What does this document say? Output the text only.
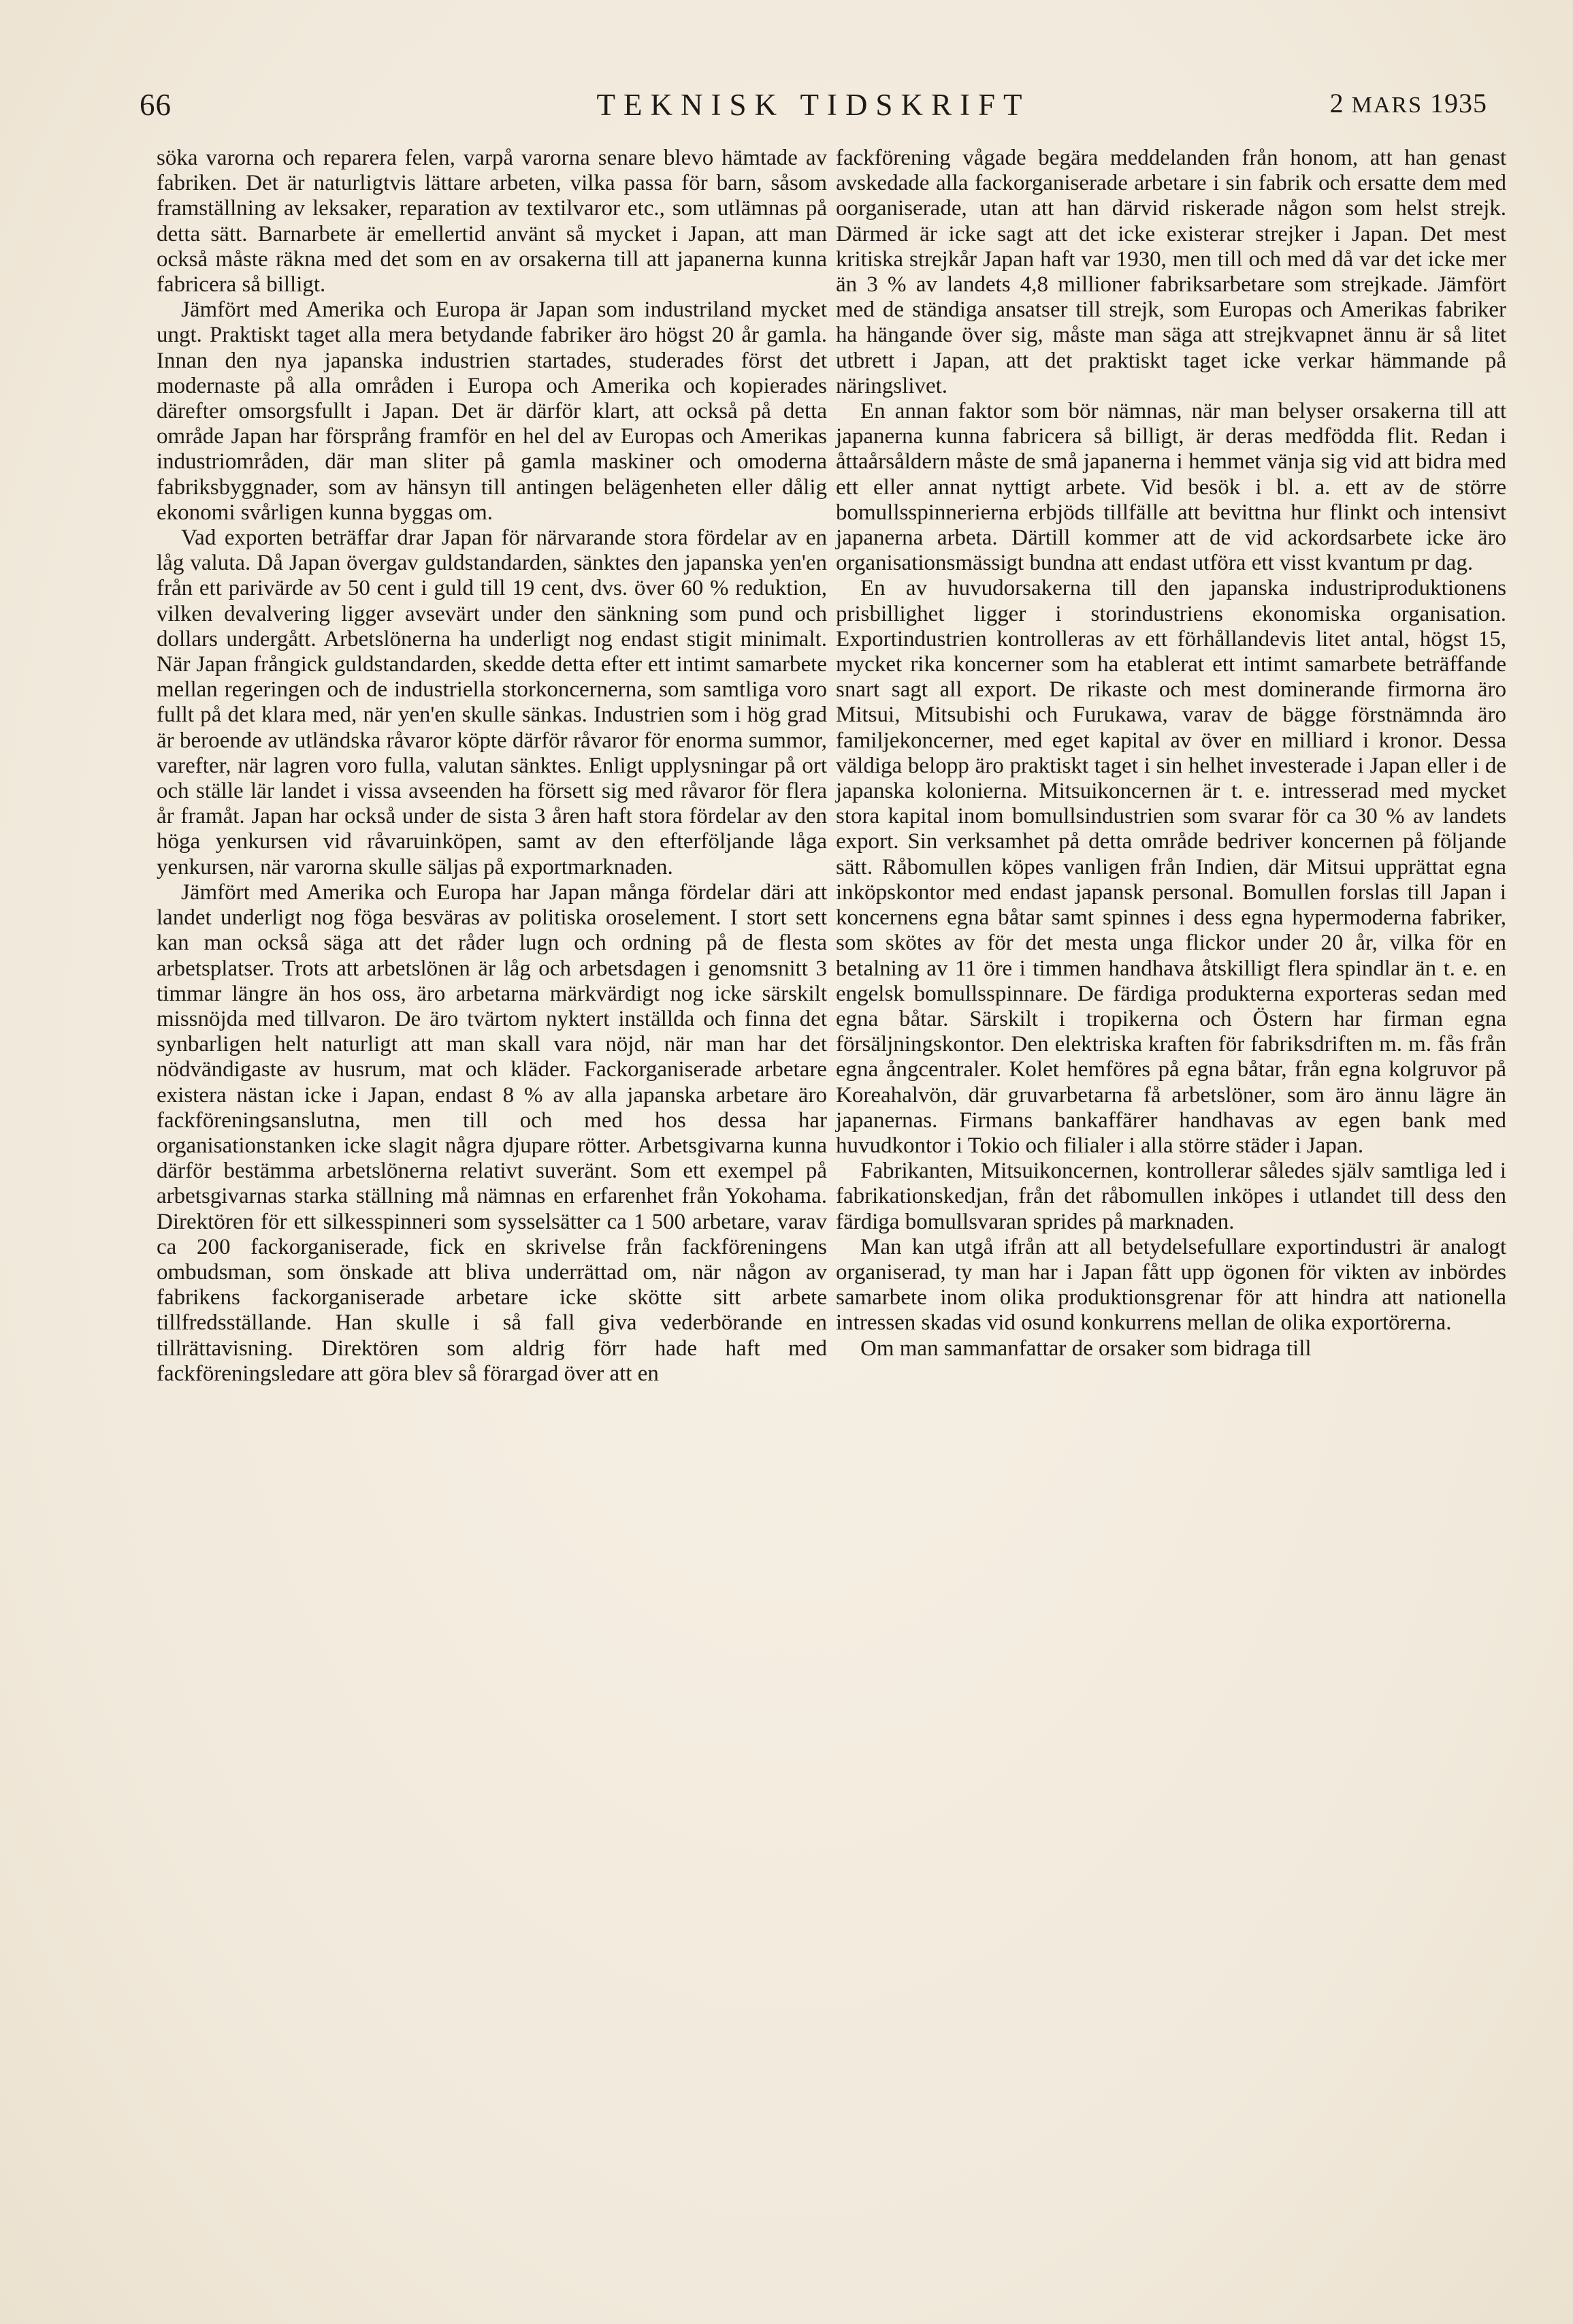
66	TEKNISK TIDSKRIFT	2 MARS 1935

söka varorna och reparera felen, varpå varorna senare blevo hämtade av fabriken. Det är naturligtvis lättare arbeten, vilka passa för barn, såsom framställning av leksaker, reparation av textilvaror etc., som utlämnas på detta sätt. Barnarbete är emellertid använt så mycket i Japan, att man också måste räkna med det som en av orsakerna till att japanerna kunna fabricera så billigt.

Jämfört med Amerika och Europa är Japan som industriland mycket ungt. Praktiskt taget alla mera betydande fabriker äro högst 20 år gamla. Innan den nya japanska industrien startades, studerades först det modernaste på alla områden i Europa och Amerika och kopierades därefter omsorgsfullt i Japan. Det är därför klart, att också på detta område Japan har försprång framför en hel del av Europas och Amerikas industriområden, där man sliter på gamla maskiner och omoderna fabriksbyggnader, som av hänsyn till antingen belägenheten eller dålig ekonomi svårligen kunna byggas om.

Vad exporten beträffar drar Japan för närvarande stora fördelar av en låg valuta. Då Japan övergav guldstandarden, sänktes den japanska yen'en från ett parivärde av 50 cent i guld till 19 cent, dvs. över 60 % reduktion, vilken devalvering ligger avsevärt under den sänkning som pund och dollars undergått. Arbetslönerna ha underligt nog endast stigit minimalt. När Japan frångick guldstandarden, skedde detta efter ett intimt samarbete mellan regeringen och de industriella storkoncernerna, som samtliga voro fullt på det klara med, när yen'en skulle sänkas. Industrien som i hög grad är beroende av utländska råvaror köpte därför råvaror för enorma summor, varefter, när lagren voro fulla, valutan sänktes. Enligt upplysningar på ort och ställe lär landet i vissa avseenden ha försett sig med råvaror för flera år framåt. Japan har också under de sista 3 åren haft stora fördelar av den höga yenkursen vid råvaruinköpen, samt av den efterföljande låga yenkursen, när varorna skulle säljas på exportmarknaden.

Jämfört med Amerika och Europa har Japan många fördelar däri att landet underligt nog föga besväras av politiska oroselement. I stort sett kan man också säga att det råder lugn och ordning på de flesta arbetsplatser. Trots att arbetslönen är låg och arbetsdagen i genomsnitt 3 timmar längre än hos oss, äro arbetarna märkvärdigt nog icke särskilt missnöjda med tillvaron. De äro tvärtom nyktert inställda och finna det synbarligen helt naturligt att man skall vara nöjd, när man har det nödvändigaste av husrum, mat och kläder. Fackorganiserade arbetare existera nästan icke i Japan, endast 8 % av alla japanska arbetare äro fackföreningsanslutna, men till och med hos dessa har organisationstanken icke slagit några djupare rötter. Arbetsgivarna kunna därför bestämma arbetslönerna relativt suveränt. Som ett exempel på arbetsgivarnas starka ställning må nämnas en erfarenhet från Yokohama. Direktören för ett silkesspinneri som sysselsätter ca 1 500 arbetare, varav ca 200 fackorganiserade, fick en skrivelse från fackföreningens ombudsman, som önskade att bliva underrättad om, när någon av fabrikens fackorganiserade arbetare icke skötte sitt arbete tillfredsställande. Han skulle i så fall giva vederbörande en tillrättavisning. Direktören som aldrig förr hade haft med fackföreningsledare att göra blev så förargad över att en

fackförening vågade begära meddelanden från honom, att han genast avskedade alla fackorganiserade arbetare i sin fabrik och ersatte dem med oorganiserade, utan att han därvid riskerade någon som helst strejk. Därmed är icke sagt att det icke existerar strejker i Japan. Det mest kritiska strejkår Japan haft var 1930, men till och med då var det icke mer än 3 % av landets 4,8 millioner fabriksarbetare som strejkade. Jämfört med de ständiga ansatser till strejk, som Europas och Amerikas fabriker ha hängande över sig, måste man säga att strejkvapnet ännu är så litet utbrett i Japan, att det praktiskt taget icke verkar hämmande på näringslivet.

En annan faktor som bör nämnas, när man belyser orsakerna till att japanerna kunna fabricera så billigt, är deras medfödda flit. Redan i åttaårsåldern måste de små japanerna i hemmet vänja sig vid att bidra med ett eller annat nyttigt arbete. Vid besök i bl. a. ett av de större bomullsspinnerierna erbjöds tillfälle att bevittna hur flinkt och intensivt japanerna arbeta. Därtill kommer att de vid ackordsarbete icke äro organisationsmässigt bundna att endast utföra ett visst kvantum pr dag.

En av huvudorsakerna till den japanska industriproduktionens prisbillighet ligger i storindustriens ekonomiska organisation. Exportindustrien kontrolleras av ett förhållandevis litet antal, högst 15, mycket rika koncerner som ha etablerat ett intimt samarbete beträffande snart sagt all export. De rikaste och mest dominerande firmorna äro Mitsui, Mitsubishi och Furukawa, varav de bägge förstnämnda äro familjekoncerner, med eget kapital av över en milliard i kronor. Dessa väldiga belopp äro praktiskt taget i sin helhet investerade i Japan eller i de japanska kolonierna. Mitsuikoncernen är t. e. intresserad med mycket stora kapital inom bomullsindustrien som svarar för ca 30 % av landets export. Sin verksamhet på detta område bedriver koncernen på följande sätt. Råbomullen köpes vanligen från Indien, där Mitsui upprättat egna inköpskontor med endast japansk personal. Bomullen forslas till Japan i koncernens egna båtar samt spinnes i dess egna hypermoderna fabriker, som skötes av för det mesta unga flickor under 20 år, vilka för en betalning av 11 öre i timmen handhava åtskilligt flera spindlar än t. e. en engelsk bomullsspinnare. De färdiga produkterna exporteras sedan med egna båtar. Särskilt i tropikerna och Östern har firman egna försäljningskontor. Den elektriska kraften för fabriksdriften m. m. fås från egna ångcentraler. Kolet hemföres på egna båtar, från egna kolgruvor på Koreahalvön, där gruvarbetarna få arbetslöner, som äro ännu lägre än japanernas. Firmans bankaffärer handhavas av egen bank med huvudkontor i Tokio och filialer i alla större städer i Japan.

Fabrikanten, Mitsuikoncernen, kontrollerar således själv samtliga led i fabrikationskedjan, från det råbomullen inköpes i utlandet till dess den färdiga bomullsvaran sprides på marknaden.

Man kan utgå ifrån att all betydelsefullare exportindustri är analogt organiserad, ty man har i Japan fått upp ögonen för vikten av inbördes samarbete inom olika produktionsgrenar för att hindra att nationella intressen skadas vid osund konkurrens mellan de olika exportörerna.

Om man sammanfattar de orsaker som bidraga till
